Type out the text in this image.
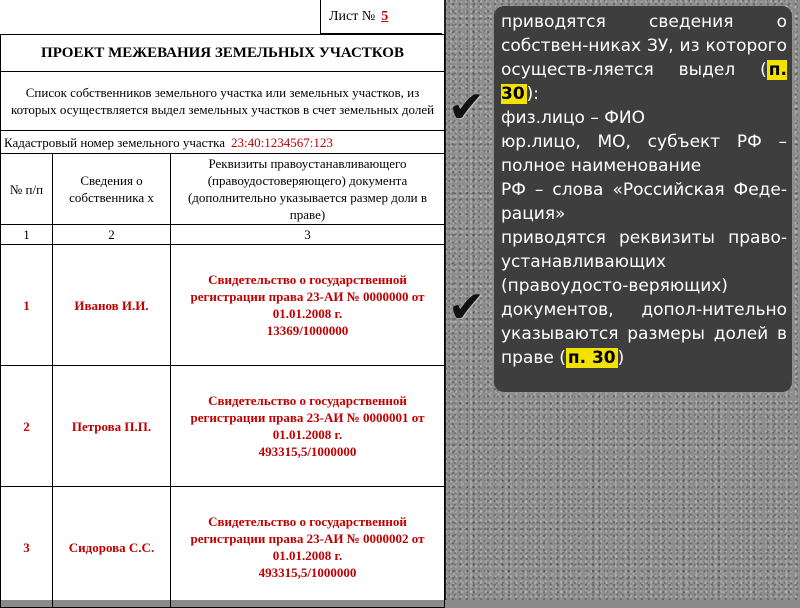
Лист № 5
ПРОЕКТ МЕЖЕВАНИЯ ЗЕМЕЛЬНЫХ УЧАСТКОВ		
Список собственников земельного участка или земельных участков, из которых осуществляется выдел земельных участков в счет земельных долей		
Кадастровый номер земельного участка 23:40:1234567:123		
№ п/п	Сведения о собственника х	Реквизиты правоустанавливающего (правоудостоверяющего) документа (дополнительно указывается размер доли в праве)
1	2	3
1	Иванов И.И.	Свидетельство о государственной регистрации права 23-АИ № 0000000 от 01.01.2008 г.
13369/1000000

2	Петрова П.П.	Свидетельство о государственной регистрации права 23-АИ № 0000001 от 01.01.2008 г.
493315,5/1000000

3	Сидорова С.С.	Свидетельство о государственной регистрации права 23-АИ № 0000002 от 01.01.2008 г.
493315,5/1000000
✔
✔

приводятся сведения о собствен-никах ЗУ, из которого осуществ-ляется выдел ( п. 30 ):

физ.лицо – ФИО

юр.лицо, МО, субъект РФ – полное наименование

РФ – слова «Российская Феде-рация»

приводятся реквизиты право-устанавливающих (правоудосто-веряющих) документов, допол-нительно указываются размеры долей в праве ( п. 30 )
